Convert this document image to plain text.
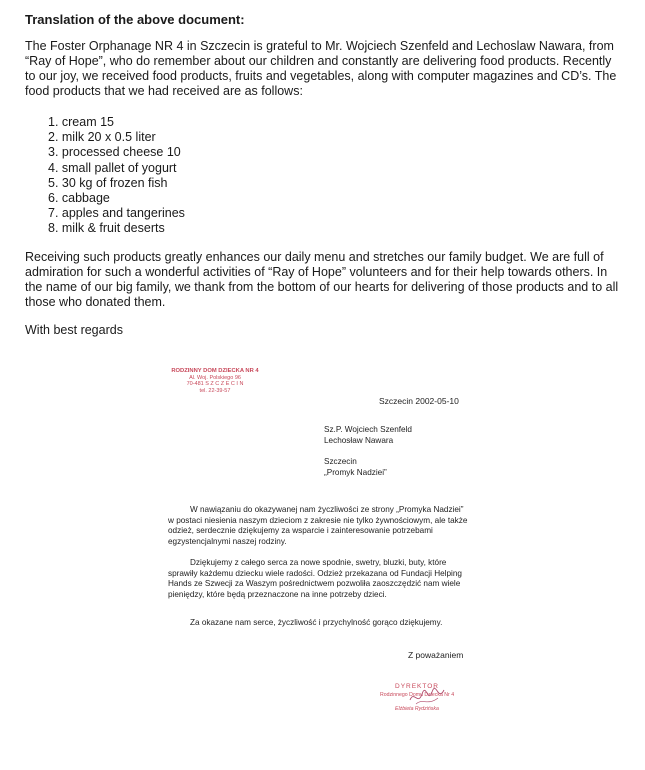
Translation of the above document:
The Foster Orphanage NR 4 in Szczecin is grateful to Mr. Wojciech Szenfeld and Lechoslaw Nawara, from “Ray of Hope”, who do remember about our children and constantly are delivering food products. Recently to our joy, we received food products, fruits and vegetables, along with computer magazines and CD’s. The food products that we had received are as follows:
1. cream 15
2. milk 20 x 0.5 liter
3. processed cheese 10
4. small pallet of yogurt
5. 30 kg of frozen fish
6. cabbage
7. apples and tangerines
8. milk & fruit deserts
Receiving such products greatly enhances our daily menu and stretches our family budget. We are full of admiration for such a wonderful activities of “Ray of Hope” volunteers and for their help towards others. In the name of our big family, we thank from the bottom of our hearts for delivering of those products and to all those who donated them.
With best regards
RODZINNY DOM DZIECKA NR 4
Al. Woj. Polskiego 96
70-481 S Z C Z E C I N
tel. 22-39-57
Szczecin 2002-05-10
Sz.P. Wojciech Szenfeld
Lechosław Nawara
Szczecin
„Promyk Nadziei”
W nawiązaniu do okazywanej nam życzliwości ze strony „Promyka Nadziei” w postaci niesienia naszym dzieciom z zakresie nie tylko żywnościowym, ale także odzież, serdecznie dziękujemy za wsparcie i zainteresowanie potrzebami egzystencjalnymi naszej rodziny.
Dziękujemy z całego serca za nowe spodnie, swetry, bluzki, buty, które sprawiły każdemu dziecku wiele radości. Odzież przekazana od Fundacji Helping Hands ze Szwecji za Waszym pośrednictwem pozwoliła zaoszczędzić nam wiele pieniędzy, które będą przeznaczone na inne potrzeby dzieci.
Za okazane nam serce, życzliwość i przychylność gorąco dziękujemy.
Z poważaniem
DYREKTOR
Rodzinnego Domu Dziecka Nr 4
Elżbieta Rydzińska
